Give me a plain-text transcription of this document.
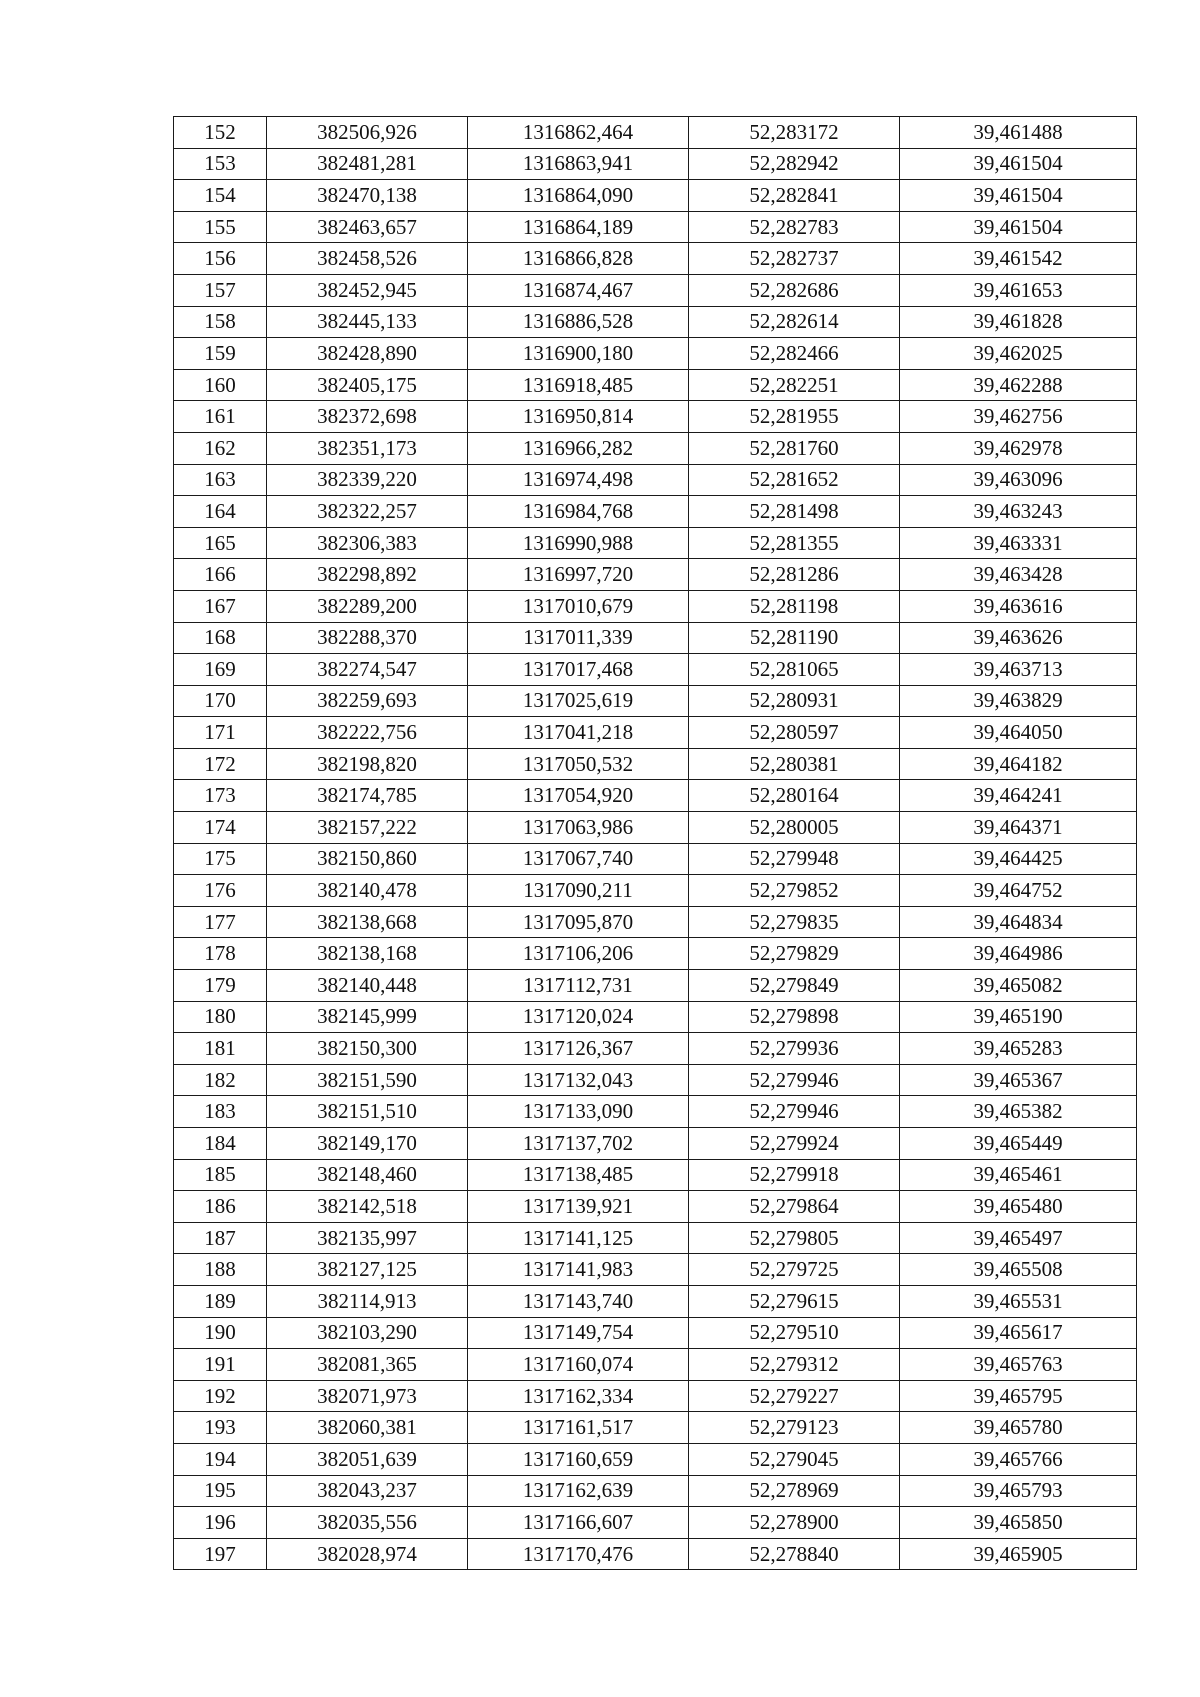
152	382506,926	1316862,464	52,283172	39,461488
153	382481,281	1316863,941	52,282942	39,461504
154	382470,138	1316864,090	52,282841	39,461504
155	382463,657	1316864,189	52,282783	39,461504
156	382458,526	1316866,828	52,282737	39,461542
157	382452,945	1316874,467	52,282686	39,461653
158	382445,133	1316886,528	52,282614	39,461828
159	382428,890	1316900,180	52,282466	39,462025
160	382405,175	1316918,485	52,282251	39,462288
161	382372,698	1316950,814	52,281955	39,462756
162	382351,173	1316966,282	52,281760	39,462978
163	382339,220	1316974,498	52,281652	39,463096
164	382322,257	1316984,768	52,281498	39,463243
165	382306,383	1316990,988	52,281355	39,463331
166	382298,892	1316997,720	52,281286	39,463428
167	382289,200	1317010,679	52,281198	39,463616
168	382288,370	1317011,339	52,281190	39,463626
169	382274,547	1317017,468	52,281065	39,463713
170	382259,693	1317025,619	52,280931	39,463829
171	382222,756	1317041,218	52,280597	39,464050
172	382198,820	1317050,532	52,280381	39,464182
173	382174,785	1317054,920	52,280164	39,464241
174	382157,222	1317063,986	52,280005	39,464371
175	382150,860	1317067,740	52,279948	39,464425
176	382140,478	1317090,211	52,279852	39,464752
177	382138,668	1317095,870	52,279835	39,464834
178	382138,168	1317106,206	52,279829	39,464986
179	382140,448	1317112,731	52,279849	39,465082
180	382145,999	1317120,024	52,279898	39,465190
181	382150,300	1317126,367	52,279936	39,465283
182	382151,590	1317132,043	52,279946	39,465367
183	382151,510	1317133,090	52,279946	39,465382
184	382149,170	1317137,702	52,279924	39,465449
185	382148,460	1317138,485	52,279918	39,465461
186	382142,518	1317139,921	52,279864	39,465480
187	382135,997	1317141,125	52,279805	39,465497
188	382127,125	1317141,983	52,279725	39,465508
189	382114,913	1317143,740	52,279615	39,465531
190	382103,290	1317149,754	52,279510	39,465617
191	382081,365	1317160,074	52,279312	39,465763
192	382071,973	1317162,334	52,279227	39,465795
193	382060,381	1317161,517	52,279123	39,465780
194	382051,639	1317160,659	52,279045	39,465766
195	382043,237	1317162,639	52,278969	39,465793
196	382035,556	1317166,607	52,278900	39,465850
197	382028,974	1317170,476	52,278840	39,465905
